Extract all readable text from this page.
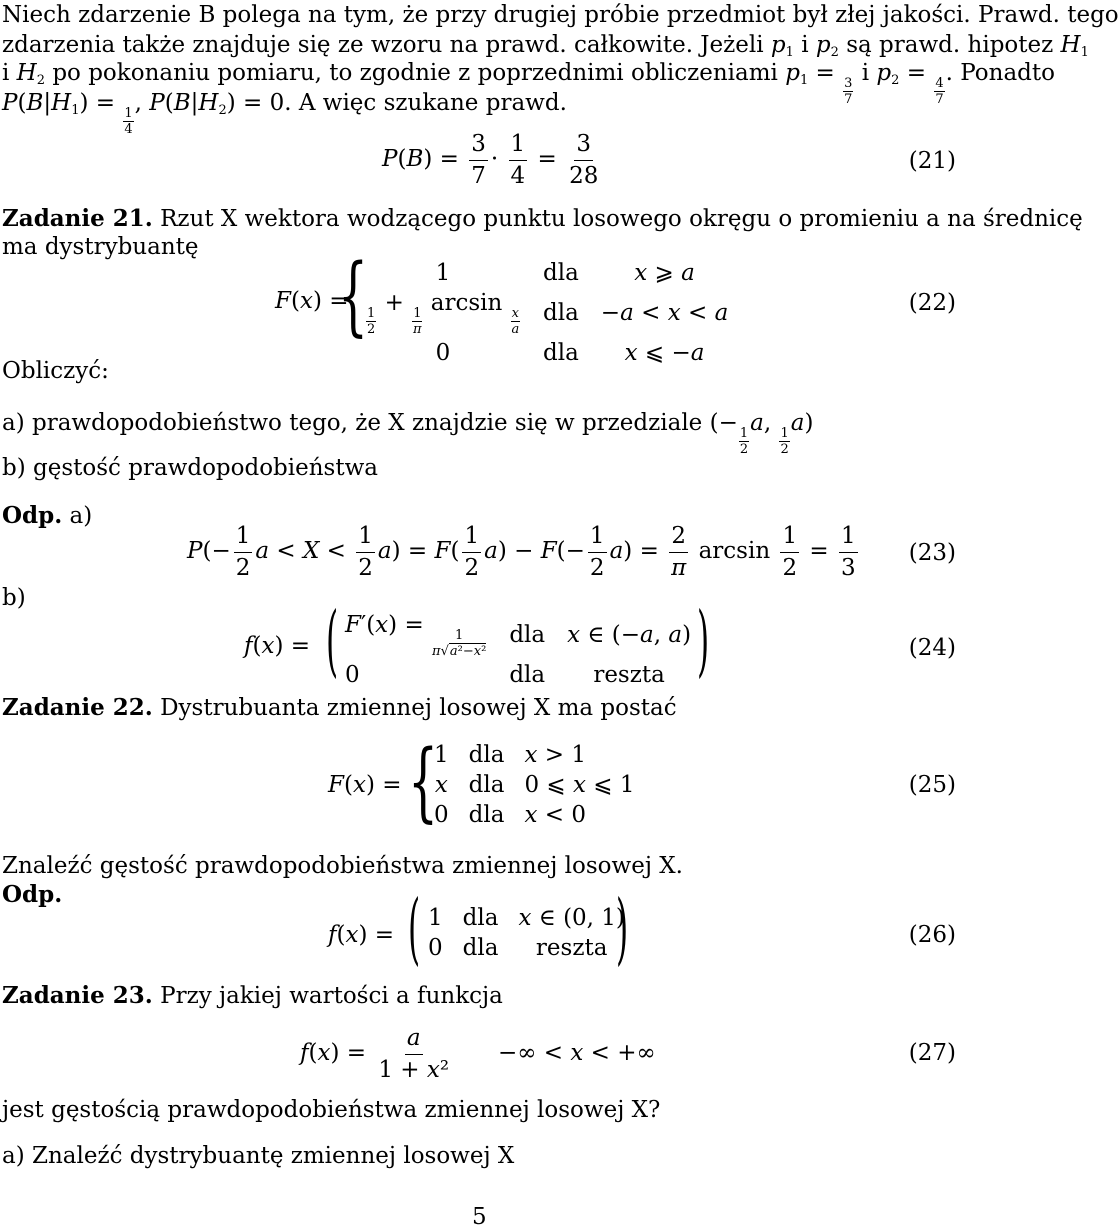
Niech zdarzenie B polega na tym, że przy drugiej próbie przedmiot był złej jakości. Prawd. tego
zdarzenia także znajduje się ze wzoru na prawd. całkowite. Jeżeli $p_1$ i $p_2$ są prawd. hipotez $H_1$
i $H_2$ po pokonaniu pomiaru, to zgodnie z poprzednimi obliczeniami $p_1$ =
$\frac{3}{7}$
i $p_2$ =
$\frac{4}{7}$
. Ponadto
$P(B|H_1)$ =
$\frac{1}{4}$
, $P(B|H_2) = 0$. A więc szukane prawd.
$P(B) = \frac{3}{7} \cdot \frac{1}{4} = \frac{3}{28}$	(21)
Zadanie 21. Rzut X wektora wodzącego punktu losowego okręgu o promieniu a na średnicę
ma dystrybuantę
F(x) =
{	1	dla	x ⩾ a
$\frac{1}{2}$
+
$\frac{1}{\pi}$
arcsin
$\frac{x}{a}$ dla −a < x < a
0	dla	x ⩽ −a
(22)
Obliczyć:
a) prawdopodobieństwo tego, że X znajdzie się w przedziale (−
$\frac{1}{2}$
a,
$\frac{1}{2}$
a)
b) gęstość prawdopodobieństwa
Odp. a)
$P(- \frac{1}{2}$ $a < X < \frac{1}{2} a) = F( \frac{1}{2} a) - F(- \frac{1}{2} a) = \frac{2}{\pi}$ $\arcsin \frac{1}{2} = \frac{1}{3} (23)$
b)
f(x) = ( F′(x) =
$\frac{1}{\text{π√a²−x²}}$ dla x ∈ (−a, a)
0	dla	reszta )	(24)
Zadanie 22. Dystrubuanta zmiennej losowej X ma postać
F(x) = {
1 dla x > 1
x dla 0 ⩽ x ⩽ 1
0 dla x < 0
(25)
Znaleźć gęstość prawdopodobieństwa zmiennej losowej X.
Odp.
f(x) = ( 1 dla x ∈ (0, 1)
0 dla	reszta )	(26)
Zadanie 23. Przy jakiej wartości a funkcja
$f(x) = \frac{a}{\text{1 + x²}}$ −∞ < x < +∞	(27)
jest gęstością prawdopodobieństwa zmiennej losowej X?
a) Znaleźć dystrybuantę zmiennej losowej X
5
